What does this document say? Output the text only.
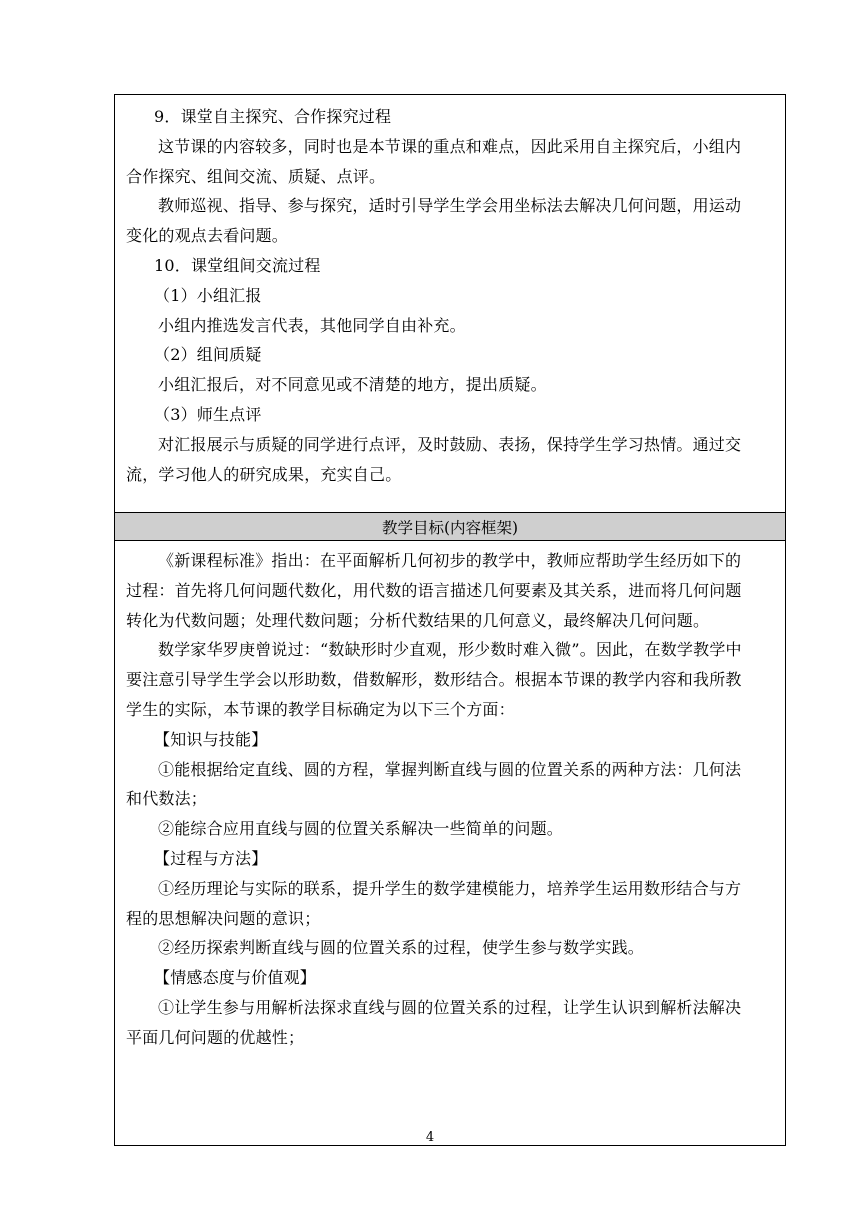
9．课堂自主探究、合作探究过程

这节课的内容较多，同时也是本节课的重点和难点，因此采用自主探究后，小组内

合作探究、组间交流、质疑、点评。

教师巡视、指导、参与探究，适时引导学生学会用坐标法去解决几何问题，用运动

变化的观点去看问题。

10．课堂组间交流过程

（1）小组汇报

小组内推选发言代表，其他同学自由补充。

（2）组间质疑

小组汇报后，对不同意见或不清楚的地方，提出质疑。

（3）师生点评

对汇报展示与质疑的同学进行点评，及时鼓励、表扬，保持学生学习热情。通过交

流，学习他人的研究成果，充实自己。

教学目标(内容框架)

《新课程标准》指出：在平面解析几何初步的教学中，教师应帮助学生经历如下的

过程：首先将几何问题代数化，用代数的语言描述几何要素及其关系，进而将几何问题

转化为代数问题；处理代数问题；分析代数结果的几何意义，最终解决几何问题。

数学家华罗庚曾说过：“数缺形时少直观，形少数时难入微”。因此，在数学教学中

要注意引导学生学会以形助数，借数解形，数形结合。根据本节课的教学内容和我所教

学生的实际，本节课的教学目标确定为以下三个方面：

【知识与技能】

①能根据给定直线、圆的方程，掌握判断直线与圆的位置关系的两种方法：几何法

和代数法；

②能综合应用直线与圆的位置关系解决一些简单的问题。

【过程与方法】

①经历理论与实际的联系，提升学生的数学建模能力，培养学生运用数形结合与方

程的思想解决问题的意识；

②经历探索判断直线与圆的位置关系的过程，使学生参与数学实践。

【情感态度与价值观】

①让学生参与用解析法探求直线与圆的位置关系的过程，让学生认识到解析法解决

平面几何问题的优越性；

4
